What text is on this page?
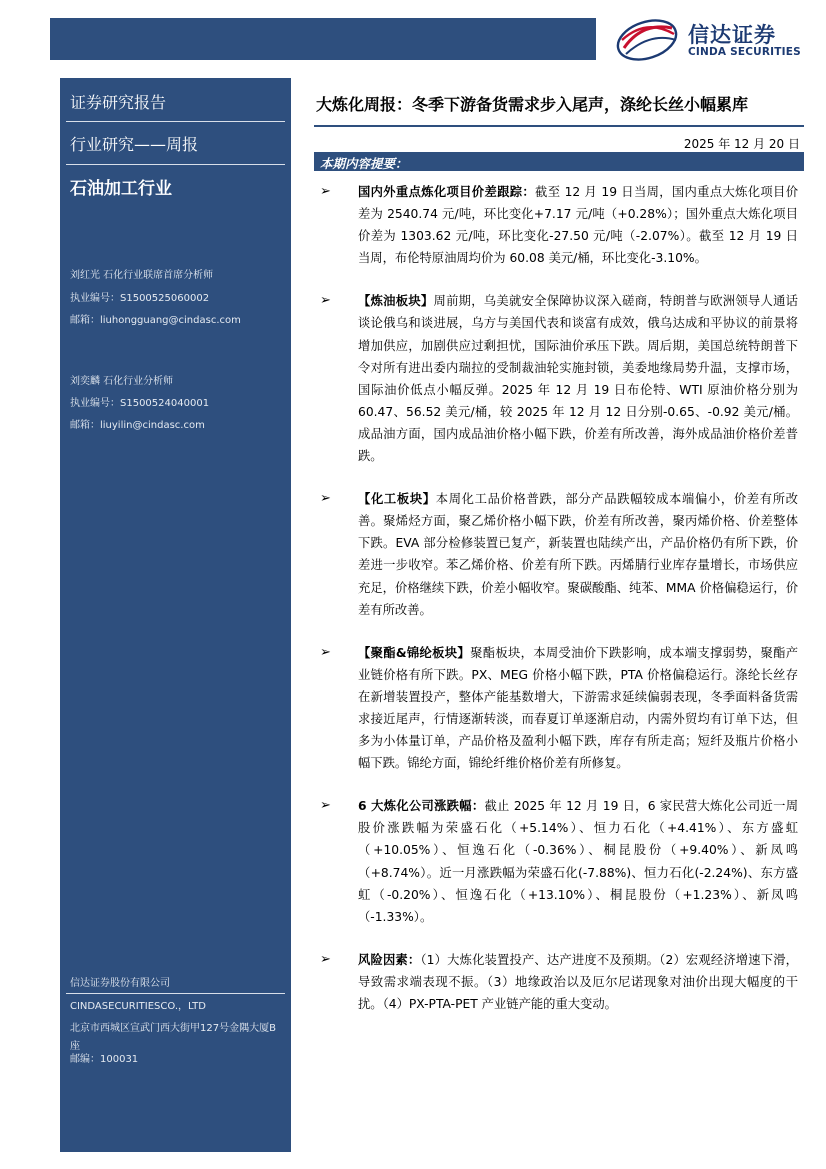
信达证券
CINDA SECURITIES
证券研究报告
行业研究——周报
石油加工行业
刘红光 石化行业联席首席分析师
执业编号：S1500525060002
邮箱：liuhongguang@cindasc.com
刘奕麟 石化行业分析师
执业编号：S1500524040001
邮箱：liuyilin@cindasc.com
信达证券股份有限公司
CINDASECURITIESCO.，LTD
北京市西城区宣武门西大街甲127号金隅大厦B
座
邮编：100031
大炼化周报：冬季下游备货需求步入尾声，涤纶长丝小幅累库
2025 年 12 月 20 日
本期内容提要：
➢ 国内外重点炼化项目价差跟踪：截至 12 月 19 日当周，国内重点大炼化项目价差为 2540.74 元/吨，环比变化+7.17 元/吨（+0.28%）；国外重点大炼化项目价差为 1303.62 元/吨，环比变化-27.50 元/吨（-2.07%）。截至 12 月 19 日当周，布伦特原油周均价为 60.08 美元/桶，环比变化-3.10%。
➢ 【炼油板块】周前期，乌美就安全保障协议深入磋商，特朗普与欧洲领导人通话谈论俄乌和谈进展，乌方与美国代表和谈富有成效，俄乌达成和平协议的前景将增加供应，加剧供应过剩担忧，国际油价承压下跌。周后期，美国总统特朗普下令对所有进出委内瑞拉的受制裁油轮实施封锁，美委地缘局势升温，支撑市场，国际油价低点小幅反弹。2025 年 12 月 19 日布伦特、WTI 原油价格分别为 60.47、56.52 美元/桶，较 2025 年 12 月 12 日分别-0.65、-0.92 美元/桶。成品油方面，国内成品油价格小幅下跌，价差有所改善，海外成品油价格价差普跌。
➢ 【化工板块】本周化工品价格普跌，部分产品跌幅较成本端偏小，价差有所改善。聚烯烃方面，聚乙烯价格小幅下跌，价差有所改善，聚丙烯价格、价差整体下跌。EVA 部分检修装置已复产，新装置也陆续产出，产品价格仍有所下跌，价差进一步收窄。苯乙烯价格、价差有所下跌。丙烯腈行业库存量增长，市场供应充足，价格继续下跌，价差小幅收窄。聚碳酸酯、纯苯、MMA 价格偏稳运行，价差有所改善。
➢ 【聚酯&锦纶板块】聚酯板块，本周受油价下跌影响，成本端支撑弱势，聚酯产业链价格有所下跌。PX、MEG 价格小幅下跌，PTA 价格偏稳运行。涤纶长丝存在新增装置投产，整体产能基数增大，下游需求延续偏弱表现，冬季面料备货需求接近尾声，行情逐渐转淡，而春夏订单逐渐启动，内需外贸均有订单下达，但多为小体量订单，产品价格及盈利小幅下跌，库存有所走高；短纤及瓶片价格小幅下跌。锦纶方面，锦纶纤维价格价差有所修复。
➢ 6 大炼化公司涨跌幅：截止 2025 年 12 月 19 日，6 家民营大炼化公司近一周股价涨跌幅为荣盛石化（+5.14%）、恒力石化（+4.41%）、东方盛虹（+10.05%）、恒逸石化（-0.36%）、桐昆股份（+9.40%）、新凤鸣（+8.74%）。近一月涨跌幅为荣盛石化(-7.88%)、恒力石化(-2.24%)、东方盛虹（-0.20%）、恒逸石化（+13.10%）、桐昆股份（+1.23%）、新凤鸣（-1.33%）。
➢ 风险因素：（1）大炼化装置投产、达产进度不及预期。（2）宏观经济增速下滑，导致需求端表现不振。（3）地缘政治以及厄尔尼诺现象对油价出现大幅度的干扰。（4）PX-PTA-PET 产业链产能的重大变动。
